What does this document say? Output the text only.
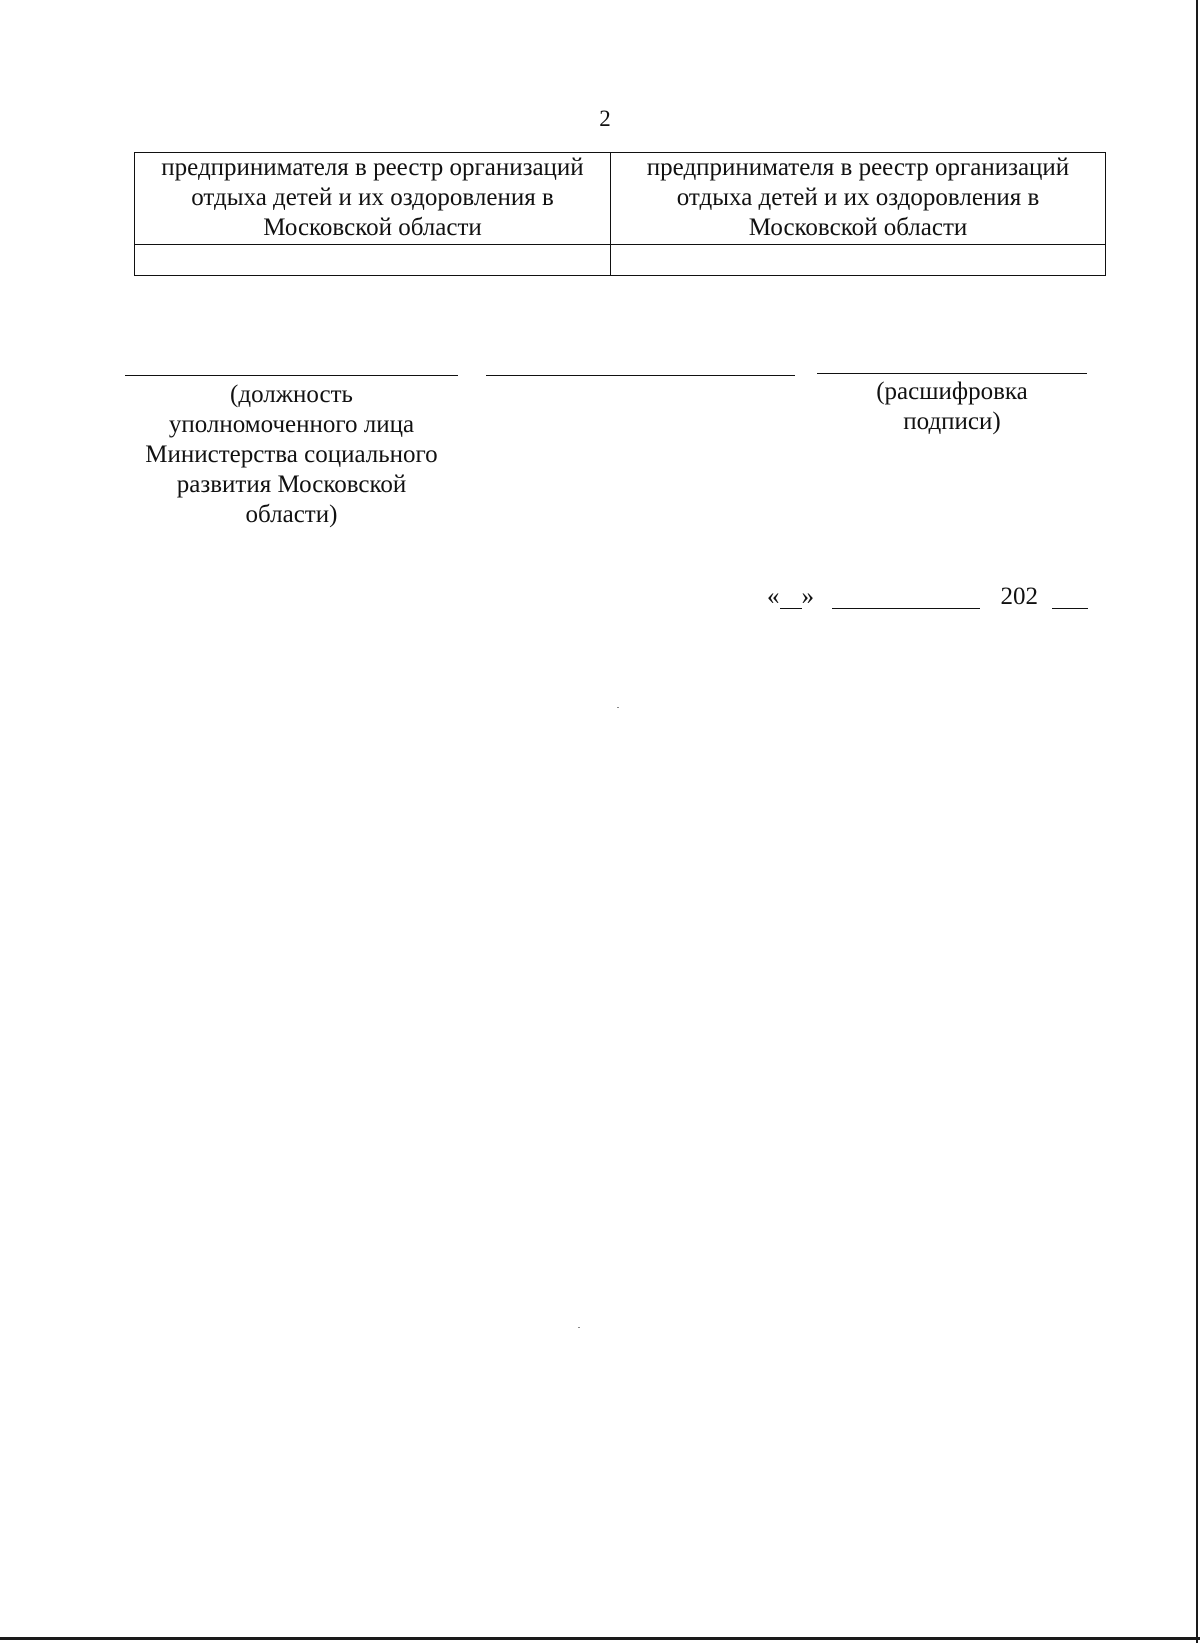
2
предпринимателя в реестр организаций отдыха детей и их оздоровления в Московской области	предпринимателя в реестр организаций отдыха детей и их оздоровления в Московской области

(должность
уполномоченного лица
Министерства социального
развития Московской
области)
(расшифровка
подписи)
« »	202
